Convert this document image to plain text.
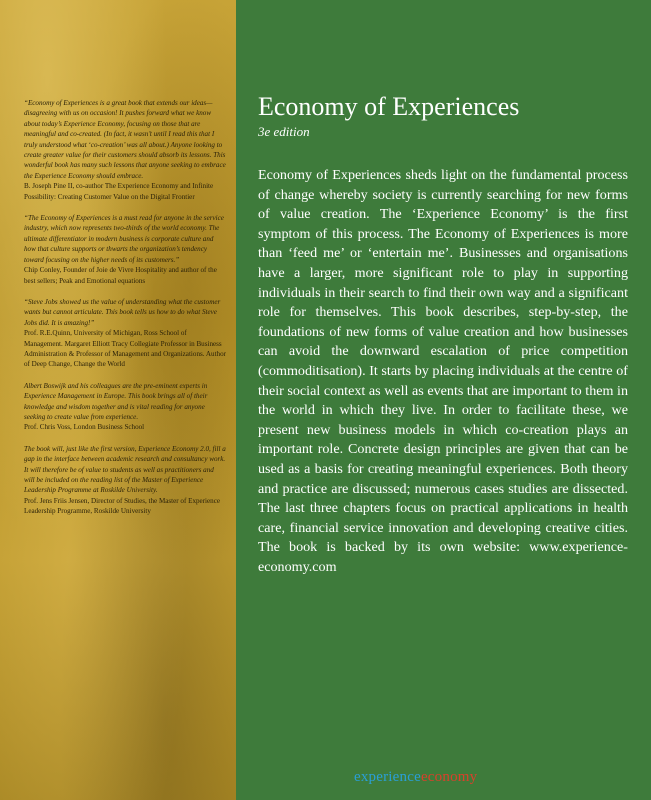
“Economy of Experiences is a great book that extends our ideas—disagreeing with us on occasion! It pushes forward what we know about today’s Experience Economy, focusing on those that are meaningful and co-created. (In fact, it wasn’t until I read this that I truly understood what ‘co-creation’ was all about.) Anyone looking to create greater value for their customers should absorb its lessons. This wonderful book has many such lessons that anyone seeking to embrace the Experience Economy should embrace.
B. Joseph Pine II, co-author The Experience Economy and Infinite Possibility: Creating Customer Value on the Digital Frontier
“The Economy of Experiences is a must read for anyone in the service industry, which now represents two-thirds of the world economy. The ultimate differentiator in modern business is corporate culture and how that culture supports or thwarts the organization’s tendency toward focusing on the higher needs of its customers.”
Chip Conley, Founder of Joie de Vivre Hospitality and author of the best sellers; Peak and Emotional equations
“Steve Jobs showed us the value of understanding what the customer wants but cannot articulate. This book tells us how to do what Steve Jobs did. It is amazing!”
Prof. R.E.Quinn, University of Michigan, Ross School of Management. Margaret Elliott Tracy Collegiate Professor in Business Administration & Professor of Management and Organizations. Author of Deep Change, Change the World
Albert Boswijk and his colleagues are the pre-eminent experts in Experience Management in Europe. This book brings all of their knowledge and wisdom together and is vital reading for anyone seeking to create value from experience.
Prof. Chris Voss, London Business School
The book will, just like the first version, Experience Economy 2.0, fill a gap in the interface between academic research and consultancy work.
It will therefore be of value to students as well as practitioners and will be included on the reading list of the Master of Experience Leadership Programme at Roskilde University.
Prof. Jens Friis Jensen, Director of Studies, the Master of Experience Leadership Programme, Roskilde University
Economy of Experiences
3e edition

Economy of Experiences sheds light on the fundamental process of change whereby society is currently searching for new forms of value creation. The ‘Experience Economy’ is the first symptom of this process. The Economy of Experiences is more than ‘feed me’ or ‘entertain me’. Businesses and organisations have a larger, more significant role to play in supporting individuals in their search to find their own way and a significant role for themselves. This book describes, step-by-step, the foundations of new forms of value creation and how businesses can avoid the downward escalation of price competition (commoditisation). It starts by placing individuals at the centre of their social context as well as events that are important to them in the world in which they live. In order to facilitate these, we present new business models in which co-creation plays an important role. Concrete design principles are given that can be used as a basis for creating meaningful experiences. Both theory and practice are discussed; numerous cases studies are dissected. The last three chapters focus on practical applications in health care, financial service innovation and developing creative cities. The book is backed by its own website: www.experience-economy.com

experienceeconomy
